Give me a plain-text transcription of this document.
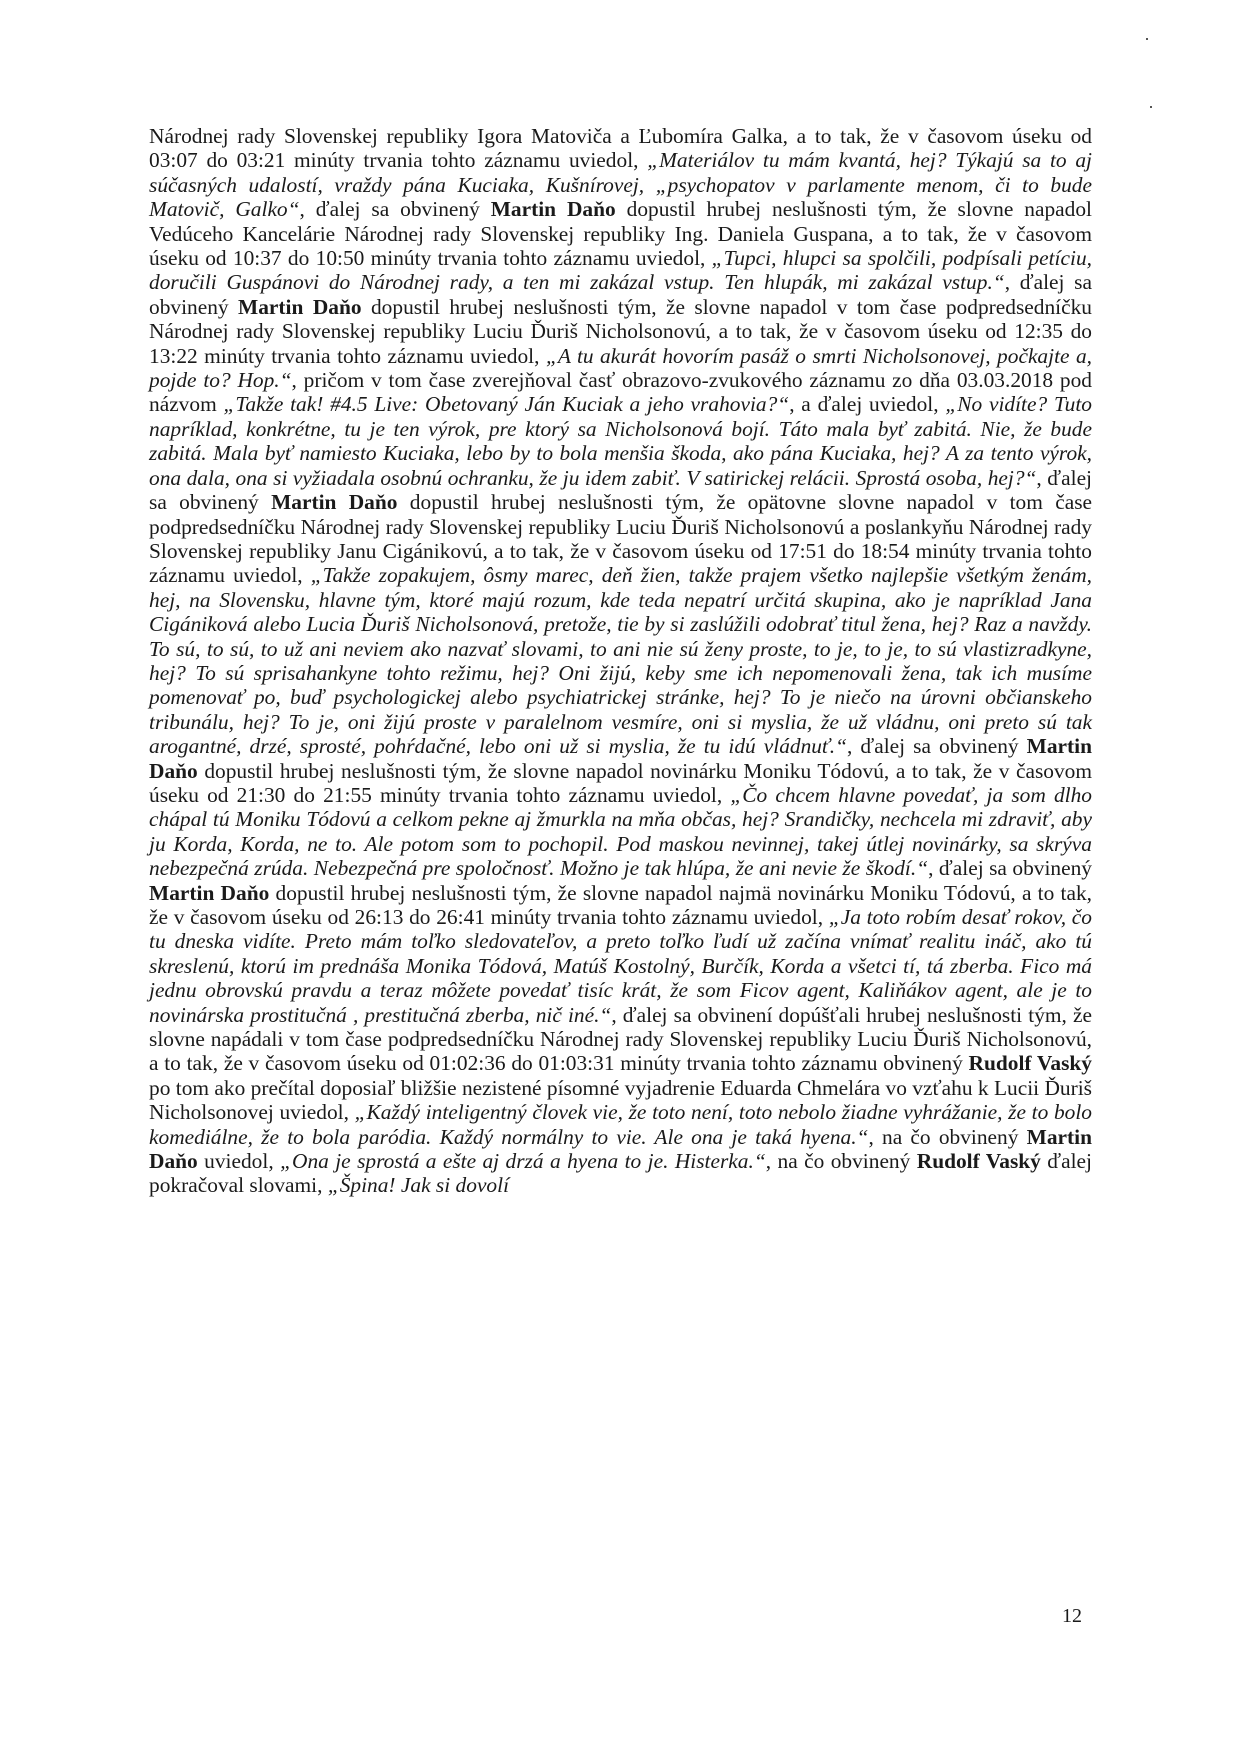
Národnej rady Slovenskej republiky Igora Matoviča a Ľubomíra Galka, a to tak, že v časovom úseku od 03:07 do 03:21 minúty trvania tohto záznamu uviedol, „Materiálov tu mám kvantá, hej? Týkajú sa to aj súčasných udalostí, vraždy pána Kuciaka, Kušnírovej, „psychopatov v parlamente menom, či to bude Matovič, Galko“, ďalej sa obvinený Martin Daňo dopustil hrubej neslušnosti tým, že slovne napadol Vedúceho Kancelárie Národnej rady Slovenskej republiky Ing. Daniela Guspana, a to tak, že v časovom úseku od 10:37 do 10:50 minúty trvania tohto záznamu uviedol, „Tupci, hlupci sa spolčili, podpísali petíciu, doručili Guspánovi do Národnej rady, a ten mi zakázal vstup. Ten hlupák, mi zakázal vstup.“, ďalej sa obvinený Martin Daňo dopustil hrubej neslušnosti tým, že slovne napadol v tom čase podpredsedníčku Národnej rady Slovenskej republiky Luciu Ďuriš Nicholsonovú, a to tak, že v časovom úseku od 12:35 do 13:22 minúty trvania tohto záznamu uviedol, „A tu akurát hovorím pasáž o smrti Nicholsonovej, počkajte a, pojde to? Hop.“, pričom v tom čase zverejňoval časť obrazovo-zvukového záznamu zo dňa 03.03.2018 pod názvom „Takže tak! #4.5 Live: Obetovaný Ján Kuciak a jeho vrahovia?“, a ďalej uviedol, „No vidíte? Tuto napríklad, konkrétne, tu je ten výrok, pre ktorý sa Nicholsonová bojí. Táto mala byť zabitá. Nie, že bude zabitá. Mala byť namiesto Kuciaka, lebo by to bola menšia škoda, ako pána Kuciaka, hej? A za tento výrok, ona dala, ona si vyžiadala osobnú ochranku, že ju idem zabiť. V satirickej relácii. Sprostá osoba, hej?“, ďalej sa obvinený Martin Daňo dopustil hrubej neslušnosti tým, že opätovne slovne napadol v tom čase podpredsedníčku Národnej rady Slovenskej republiky Luciu Ďuriš Nicholsonovú a poslankyňu Národnej rady Slovenskej republiky Janu Cigánikovú, a to tak, že v časovom úseku od 17:51 do 18:54 minúty trvania tohto záznamu uviedol, „Takže zopakujem, ôsmy marec, deň žien, takže prajem všetko najlepšie všetkým ženám, hej, na Slovensku, hlavne tým, ktoré majú rozum, kde teda nepatrí určitá skupina, ako je napríklad Jana Cigániková alebo Lucia Ďuriš Nicholsonová, pretože, tie by si zaslúžili odobrať titul žena, hej? Raz a navždy. To sú, to sú, to už ani neviem ako nazvať slovami, to ani nie sú ženy proste, to je, to je, to sú vlastizradkyne, hej? To sú sprisahankyne tohto režimu, hej? Oni žijú, keby sme ich nepomenovali žena, tak ich musíme pomenovať po, buď psychologickej alebo psychiatrickej stránke, hej? To je niečo na úrovni občianskeho tribunálu, hej? To je, oni žijú proste v paralelnom vesmíre, oni si myslia, že už vládnu, oni preto sú tak arogantné, drzé, sprosté, pohŕdačné, lebo oni už si myslia, že tu idú vládnuť.“, ďalej sa obvinený Martin Daňo dopustil hrubej neslušnosti tým, že slovne napadol novinárku Moniku Tódovú, a to tak, že v časovom úseku od 21:30 do 21:55 minúty trvania tohto záznamu uviedol, „Čo chcem hlavne povedať, ja som dlho chápal tú Moniku Tódovú a celkom pekne aj žmurkla na mňa občas, hej? Srandičky, nechcela mi zdraviť, aby ju Korda, Korda, ne to. Ale potom som to pochopil. Pod maskou nevinnej, takej útlej novinárky, sa skrýva nebezpečná zrúda. Nebezpečná pre spoločnosť. Možno je tak hlúpa, že ani nevie že škodí.“, ďalej sa obvinený Martin Daňo dopustil hrubej neslušnosti tým, že slovne napadol najmä novinárku Moniku Tódovú, a to tak, že v časovom úseku od 26:13 do 26:41 minúty trvania tohto záznamu uviedol, „Ja toto robím desať rokov, čo tu dneska vidíte. Preto mám toľko sledovateľov, a preto toľko ľudí už začína vnímať realitu ináč, ako tú skreslenú, ktorú im prednáša Monika Tódová, Matúš Kostolný, Burčík, Korda a všetci tí, tá zberba. Fico má jednu obrovskú pravdu a teraz môžete povedať tisíc krát, že som Ficov agent, Kaliňákov agent, ale je to novinárska prostitučná , prestitučná zberba, nič iné.“, ďalej sa obvinení dopúšťali hrubej neslušnosti tým, že slovne napádali v tom čase podpredsedníčku Národnej rady Slovenskej republiky Luciu Ďuriš Nicholsonovú, a to tak, že v časovom úseku od 01:02:36 do 01:03:31 minúty trvania tohto záznamu obvinený Rudolf Vaský po tom ako prečítal doposiaľ bližšie nezistené písomné vyjadrenie Eduarda Chmelára vo vzťahu k Lucii Ďuriš Nicholsonovej uviedol, „Každý inteligentný človek vie, že toto není, toto nebolo žiadne vyhrážanie, že to bolo komediálne, že to bola paródia. Každý normálny to vie. Ale ona je taká hyena.“, na čo obvinený Martin Daňo uviedol, „Ona je sprostá a ešte aj drzá a hyena to je. Histerka.“, na čo obvinený Rudolf Vaský ďalej pokračoval slovami, „Špina! Jak si dovolí

12
